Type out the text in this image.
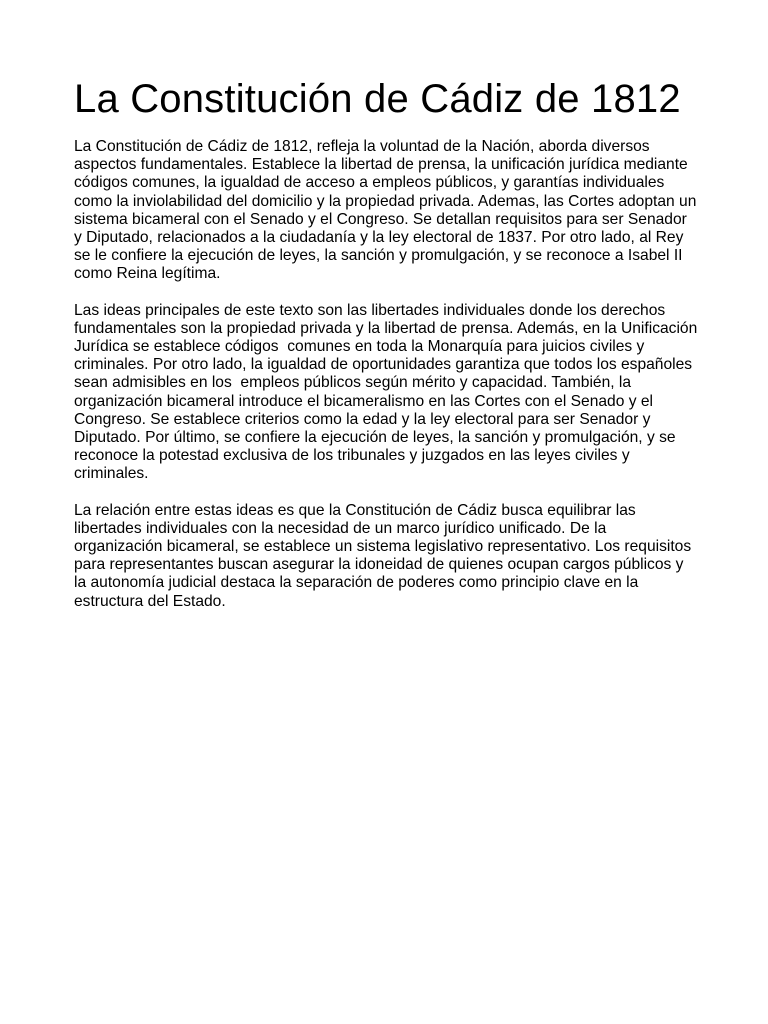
La Constitución de Cádiz de 1812

La Constitución de Cádiz de 1812, refleja la voluntad de la Nación, aborda diversos aspectos fundamentales. Establece la libertad de prensa, la unificación jurídica mediante códigos comunes, la igualdad de acceso a empleos públicos, y garantías individuales como la inviolabilidad del domicilio y la propiedad privada. Ademas, las Cortes adoptan un sistema bicameral con el Senado y el Congreso. Se detallan requisitos para ser Senador y Diputado, relacionados a la ciudadanía y la ley electoral de 1837. Por otro lado, al Rey se le confiere la ejecución de leyes, la sanción y promulgación, y se reconoce a Isabel II como Reina legítima.

Las ideas principales de este texto son las libertades individuales donde los derechos fundamentales son la propiedad privada y la libertad de prensa. Además, en la Unificación Jurídica se establece códigos  comunes en toda la Monarquía para juicios civiles y criminales. Por otro lado, la igualdad de oportunidades garantiza que todos los españoles sean admisibles en los  empleos públicos según mérito y capacidad. También, la organización bicameral introduce el bicameralismo en las Cortes con el Senado y el Congreso. Se establece criterios como la edad y la ley electoral para ser Senador y Diputado. Por último, se confiere la ejecución de leyes, la sanción y promulgación, y se reconoce la potestad exclusiva de los tribunales y juzgados en las leyes civiles y criminales.

La relación entre estas ideas es que la Constitución de Cádiz busca equilibrar las libertades individuales con la necesidad de un marco jurídico unificado. De la organización bicameral, se establece un sistema legislativo representativo. Los requisitos para representantes buscan asegurar la idoneidad de quienes ocupan cargos públicos y la autonomía judicial destaca la separación de poderes como principio clave en la estructura del Estado.
